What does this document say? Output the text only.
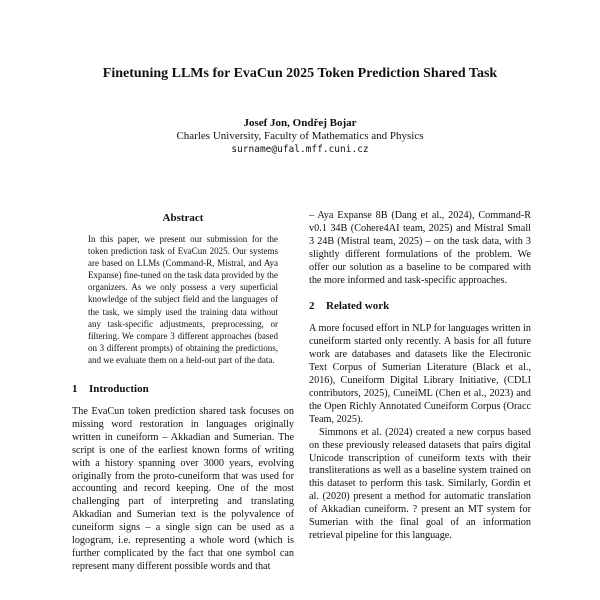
Finetuning LLMs for EvaCun 2025 Token Prediction Shared Task
Josef Jon, Ondřej Bojar
Charles University, Faculty of Mathematics and Physics
surname@ufal.mff.cuni.cz
Abstract

In this paper, we present our submission for the token prediction task of EvaCun 2025. Our systems are based on LLMs (Command-R, Mistral, and Aya Expanse) fine-tuned on the task data provided by the organizers. As we only possess a very superficial knowledge of the subject field and the languages of the task, we simply used the training data without any task-specific adjustments, preprocessing, or filtering. We compare 3 different approaches (based on 3 different prompts) of obtaining the predictions, and we evaluate them on a held-out part of the data.

1 Introduction

The EvaCun token prediction shared task focuses on missing word restoration in languages originally written in cuneiform – Akkadian and Sumerian. The script is one of the earliest known forms of writing with a history spanning over 3000 years, evolving originally from the proto-cuneiform that was used for accounting and record keeping. One of the most challenging part of interpreting and translating Akkadian and Sumerian text is the polyvalence of cuneiform signs – a single sign can be used as a logogram, i.e. representing a whole word (which is further complicated by the fact that one symbol can represent many different possible words and that

– Aya Expanse 8B (Dang et al., 2024), Command-R v0.1 34B (Cohere4AI team, 2025) and Mistral Small 3 24B (Mistral team, 2025) – on the task data, with 3 slightly different formulations of the problem. We offer our solution as a baseline to be compared with the more informed and task-specific approaches.

2 Related work

A more focused effort in NLP for languages written in cuneiform started only recently. A basis for all future work are databases and datasets like the Electronic Text Corpus of Sumerian Literature (Black et al., 2016), Cuneiform Digital Library Initiative, (CDLI contributors, 2025), CuneiML (Chen et al., 2023) and the Open Richly Annotated Cuneiform Corpus (Oracc Team, 2025).

Simmons et al. (2024) created a new corpus based on these previously released datasets that pairs digital Unicode transcription of cuneiform texts with their transliterations as well as a baseline system trained on this dataset to perform this task. Similarly, Gordin et al. (2020) present a method for automatic translation of Akkadian cuneiform. ? present an MT system for Sumerian with the final goal of an information retrieval pipeline for this language.
